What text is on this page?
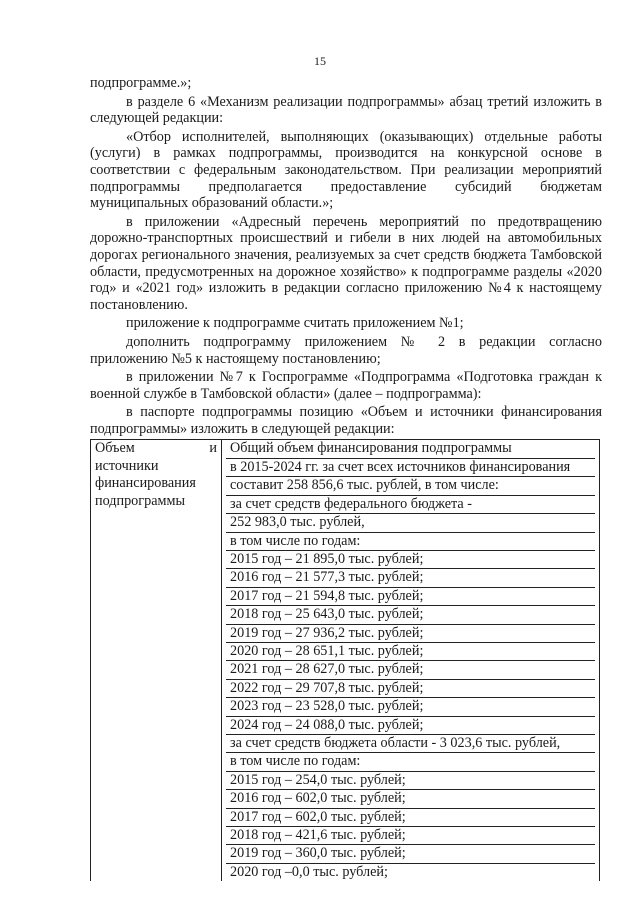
15

подпрограмме.»;

в разделе 6 «Механизм реализации подпрограммы» абзац третий изложить в следующей редакции:

«Отбор исполнителей, выполняющих (оказывающих) отдельные работы (услуги) в рамках подпрограммы, производится на конкурсной основе в соответствии с федеральным законодательством. При реализации мероприятий подпрограммы предполагается предоставление субсидий бюджетам муниципальных образований области.»;

в приложении «Адресный перечень мероприятий по предотвращению дорожно-транспортных происшествий и гибели в них людей на автомобильных дорогах регионального значения, реализуемых за счет средств бюджета Тамбовской области, предусмотренных на дорожное хозяйство» к подпрограмме разделы «2020 год» и «2021 год» изложить в редакции согласно приложению №4 к настоящему постановлению.

приложение к подпрограмме считать приложением №1;

дополнить подпрограмму приложением № 2 в редакции согласно приложению №5 к настоящему постановлению;

в приложении №7 к Госпрограмме «Подпрограмма «Подготовка граждан к военной службе в Тамбовской области» (далее – подпрограмма):

в паспорте подпрограммы позицию «Объем и источники финансирования подпрограммы» изложить в следующей редакции:

Объем	и
источники
финансирования
подпрограммы

Общий объем финансирования подпрограммы
в 2015-2024 гг. за счет всех источников финансирования
составит 258 856,6 тыс. рублей, в том числе:
за счет средств федерального бюджета -
252 983,0 тыс. рублей,
в том числе по годам:
2015 год – 21 895,0 тыс. рублей;
2016 год – 21 577,3 тыс. рублей;
2017 год – 21 594,8 тыс. рублей;
2018 год – 25 643,0 тыс. рублей;
2019 год – 27 936,2 тыс. рублей;
2020 год – 28 651,1 тыс. рублей;
2021 год – 28 627,0 тыс. рублей;
2022 год – 29 707,8 тыс. рублей;
2023 год – 23 528,0 тыс. рублей;
2024 год – 24 088,0 тыс. рублей;
за счет средств бюджета области - 3 023,6 тыс. рублей,
в том числе по годам:
2015 год – 254,0 тыс. рублей;
2016 год – 602,0 тыс. рублей;
2017 год – 602,0 тыс. рублей;
2018 год – 421,6 тыс. рублей;
2019 год – 360,0 тыс. рублей;
2020 год –0,0 тыс. рублей;
